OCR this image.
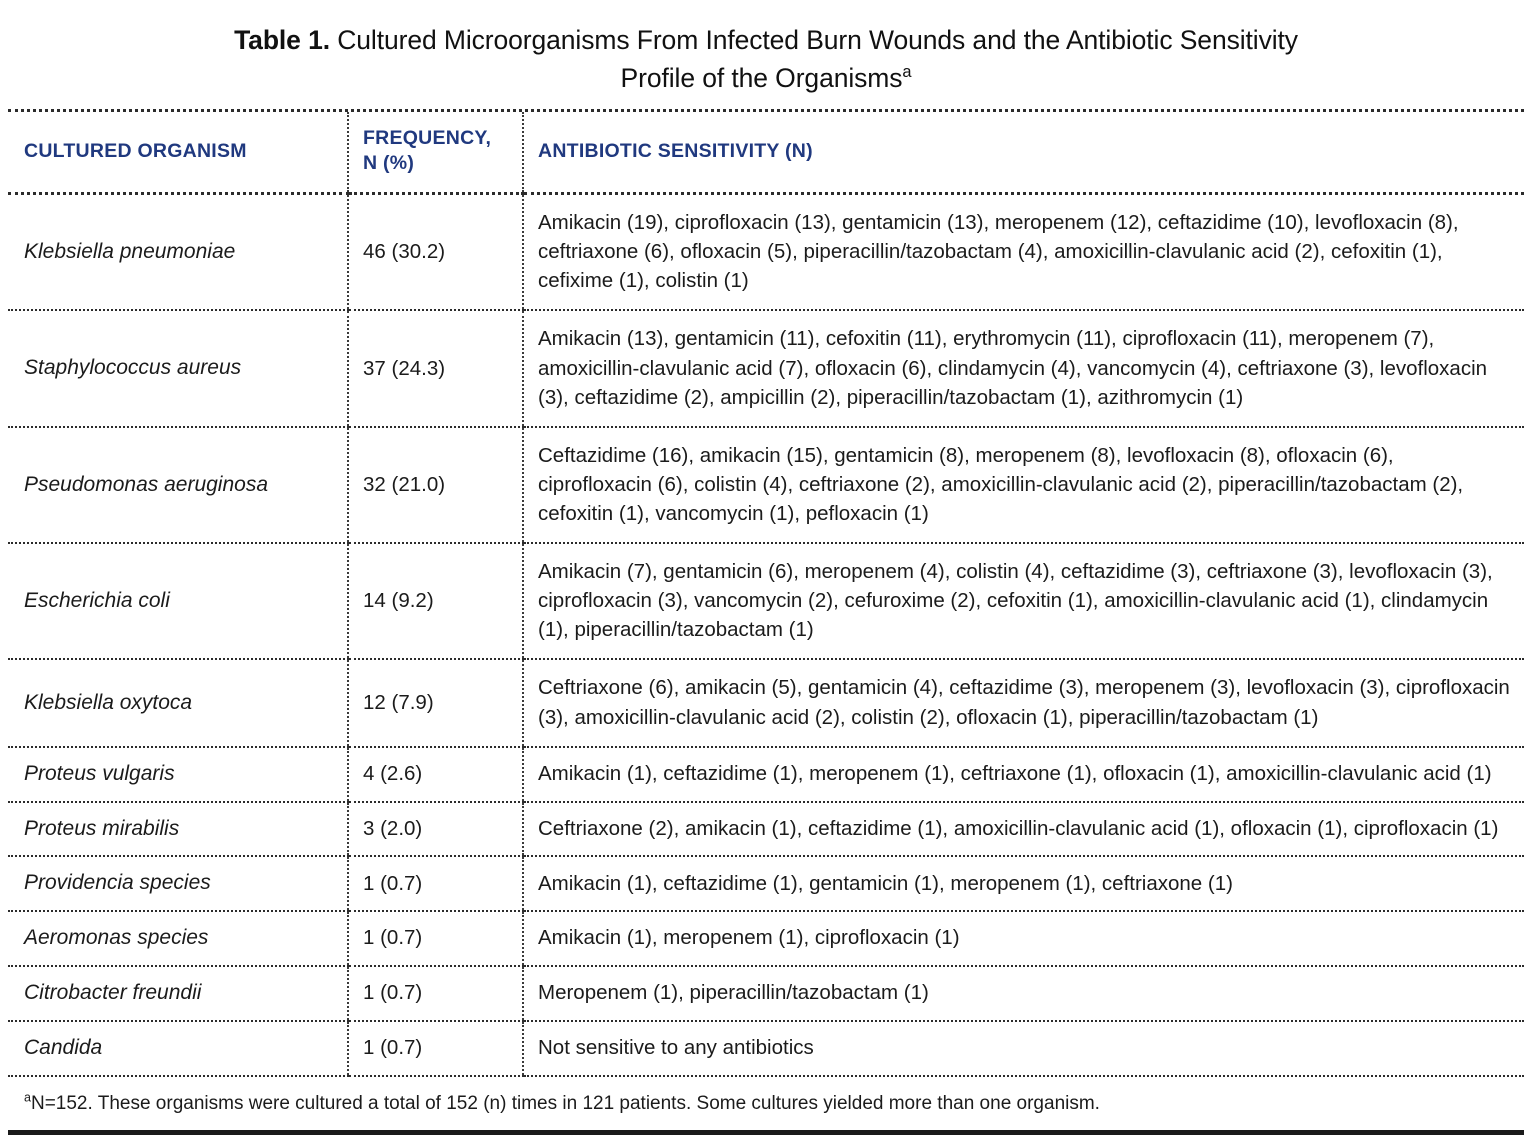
Table 1. Cultured Microorganisms From Infected Burn Wounds and the Antibiotic Sensitivity Profile of the Organisms$^a$
CULTURED ORGANISM	FREQUENCY, N (%)	ANTIBIOTIC SENSITIVITY (N)
Klebsiella pneumoniae	46 (30.2)	Amikacin (19), ciprofloxacin (13), gentamicin (13), meropenem (12), ceftazidime (10), levofloxacin (8), ceftriaxone (6), ofloxacin (5), piperacillin/tazobactam (4), amoxicillin-clavulanic acid (2), cefoxitin (1), cefixime (1), colistin (1)
Staphylococcus aureus	37 (24.3)	Amikacin (13), gentamicin (11), cefoxitin (11), erythromycin (11), ciprofloxacin (11), meropenem (7), amoxicillin-clavulanic acid (7), ofloxacin (6), clindamycin (4), vancomycin (4), ceftriaxone (3), levofloxacin (3), ceftazidime (2), ampicillin (2), piperacillin/tazobactam (1), azithromycin (1)
Pseudomonas aeruginosa	32 (21.0)	Ceftazidime (16), amikacin (15), gentamicin (8), meropenem (8), levofloxacin (8), ofloxacin (6), ciprofloxacin (6), colistin (4), ceftriaxone (2), amoxicillin-clavulanic acid (2), piperacillin/tazobactam (2), cefoxitin (1), vancomycin (1), pefloxacin (1)
Escherichia coli	14 (9.2)	Amikacin (7), gentamicin (6), meropenem (4), colistin (4), ceftazidime (3), ceftriaxone (3), levofloxacin (3), ciprofloxacin (3), vancomycin (2), cefuroxime (2), cefoxitin (1), amoxicillin-clavulanic acid (1), clindamycin (1), piperacillin/tazobactam (1)
Klebsiella oxytoca	12 (7.9)	Ceftriaxone (6), amikacin (5), gentamicin (4), ceftazidime (3), meropenem (3), levofloxacin (3), ciprofloxacin (3), amoxicillin-clavulanic acid (2), colistin (2), ofloxacin (1), piperacillin/tazobactam (1)
Proteus vulgaris	4 (2.6)	Amikacin (1), ceftazidime (1), meropenem (1), ceftriaxone (1), ofloxacin (1), amoxicillin-clavulanic acid (1)
Proteus mirabilis	3 (2.0)	Ceftriaxone (2), amikacin (1), ceftazidime (1), amoxicillin-clavulanic acid (1), ofloxacin (1), ciprofloxacin (1)
Providencia species	1 (0.7)	Amikacin (1), ceftazidime (1), gentamicin (1), meropenem (1), ceftriaxone (1)
Aeromonas species	1 (0.7)	Amikacin (1), meropenem (1), ciprofloxacin (1)
Citrobacter freundii	1 (0.7)	Meropenem (1), piperacillin/tazobactam (1)
Candida	1 (0.7)	Not sensitive to any antibiotics
$^a$N=152. These organisms were cultured a total of 152 (n) times in 121 patients. Some cultures yielded more than one organism.
